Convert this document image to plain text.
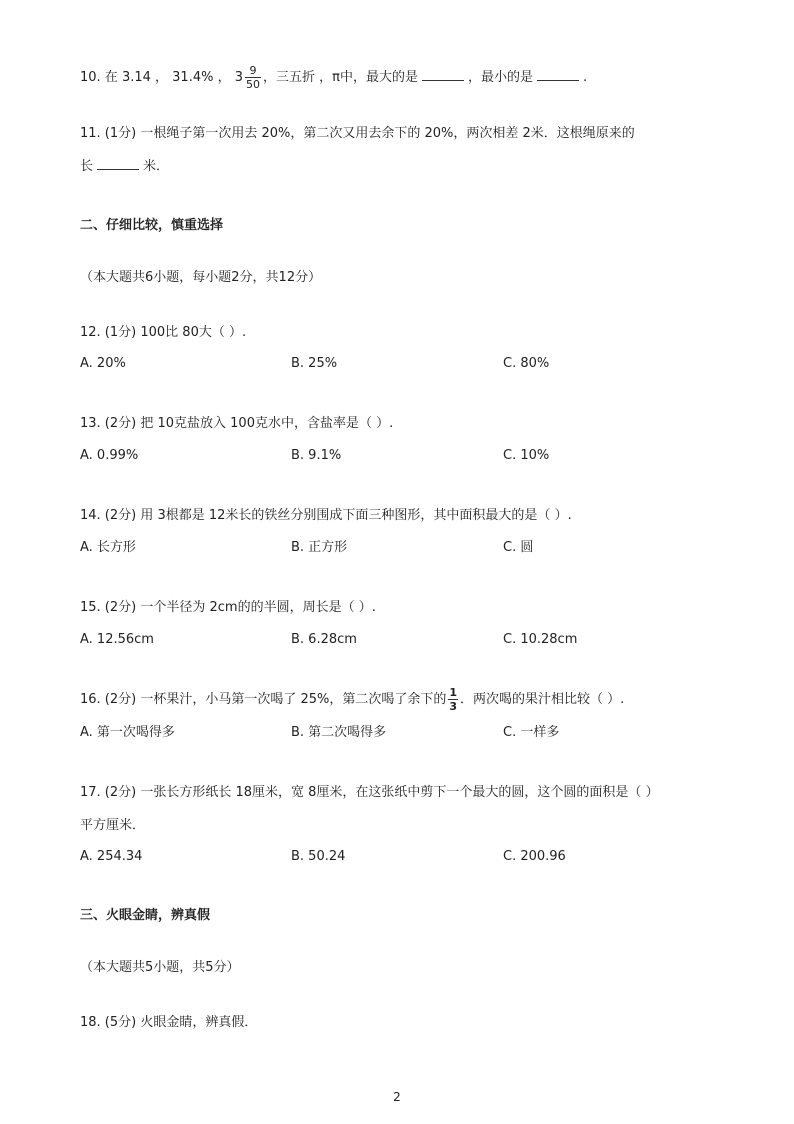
10. 在 3.14 ， 31.4% ， $3 \frac{9}{50}$ ，三五折 ，π中，最大的是	，最小的是	.
11. (1分) 一根绳子第一次用去 20%，第二次又用去余下的 20%，两次相差 2米．这根绳原来的
长	米．
二、仔细比较，慎重选择
（本大题共6小题，每小题2分，共12分）
12. (1分) 100比 80大（ ）.
A. 20%	B. 25%	C. 80%
13. (2分) 把 10克盐放入 100克水中，含盐率是（ ）.
A. 0.99%	B. 9.1%	C. 10%
14. (2分) 用 3根都是 12米长的铁丝分别围成下面三种图形，其中面积最大的是（ ）.
A. 长方形	B. 正方形	C. 圆
15. (2分) 一个半径为 2cm的的半圆，周长是（ ）.
A. 12.56cm	B. 6.28cm	C. 10.28cm
16. (2分) 一杯果汁，小马第一次喝了 25%，第二次喝了余下的 $\frac{1}{3}$ ．两次喝的果汁相比较（ ）.
A. 第一次喝得多	B. 第二次喝得多	C. 一样多
17. (2分) 一张长方形纸长 18厘米，宽 8厘米，在这张纸中剪下一个最大的圆，这个圆的面积是（ ）
平方厘米．
A. 254.34	B. 50.24	C. 200.96
三、火眼金睛，辨真假
（本大题共5小题，共5分）
18. (5分) 火眼金睛，辨真假．
2
